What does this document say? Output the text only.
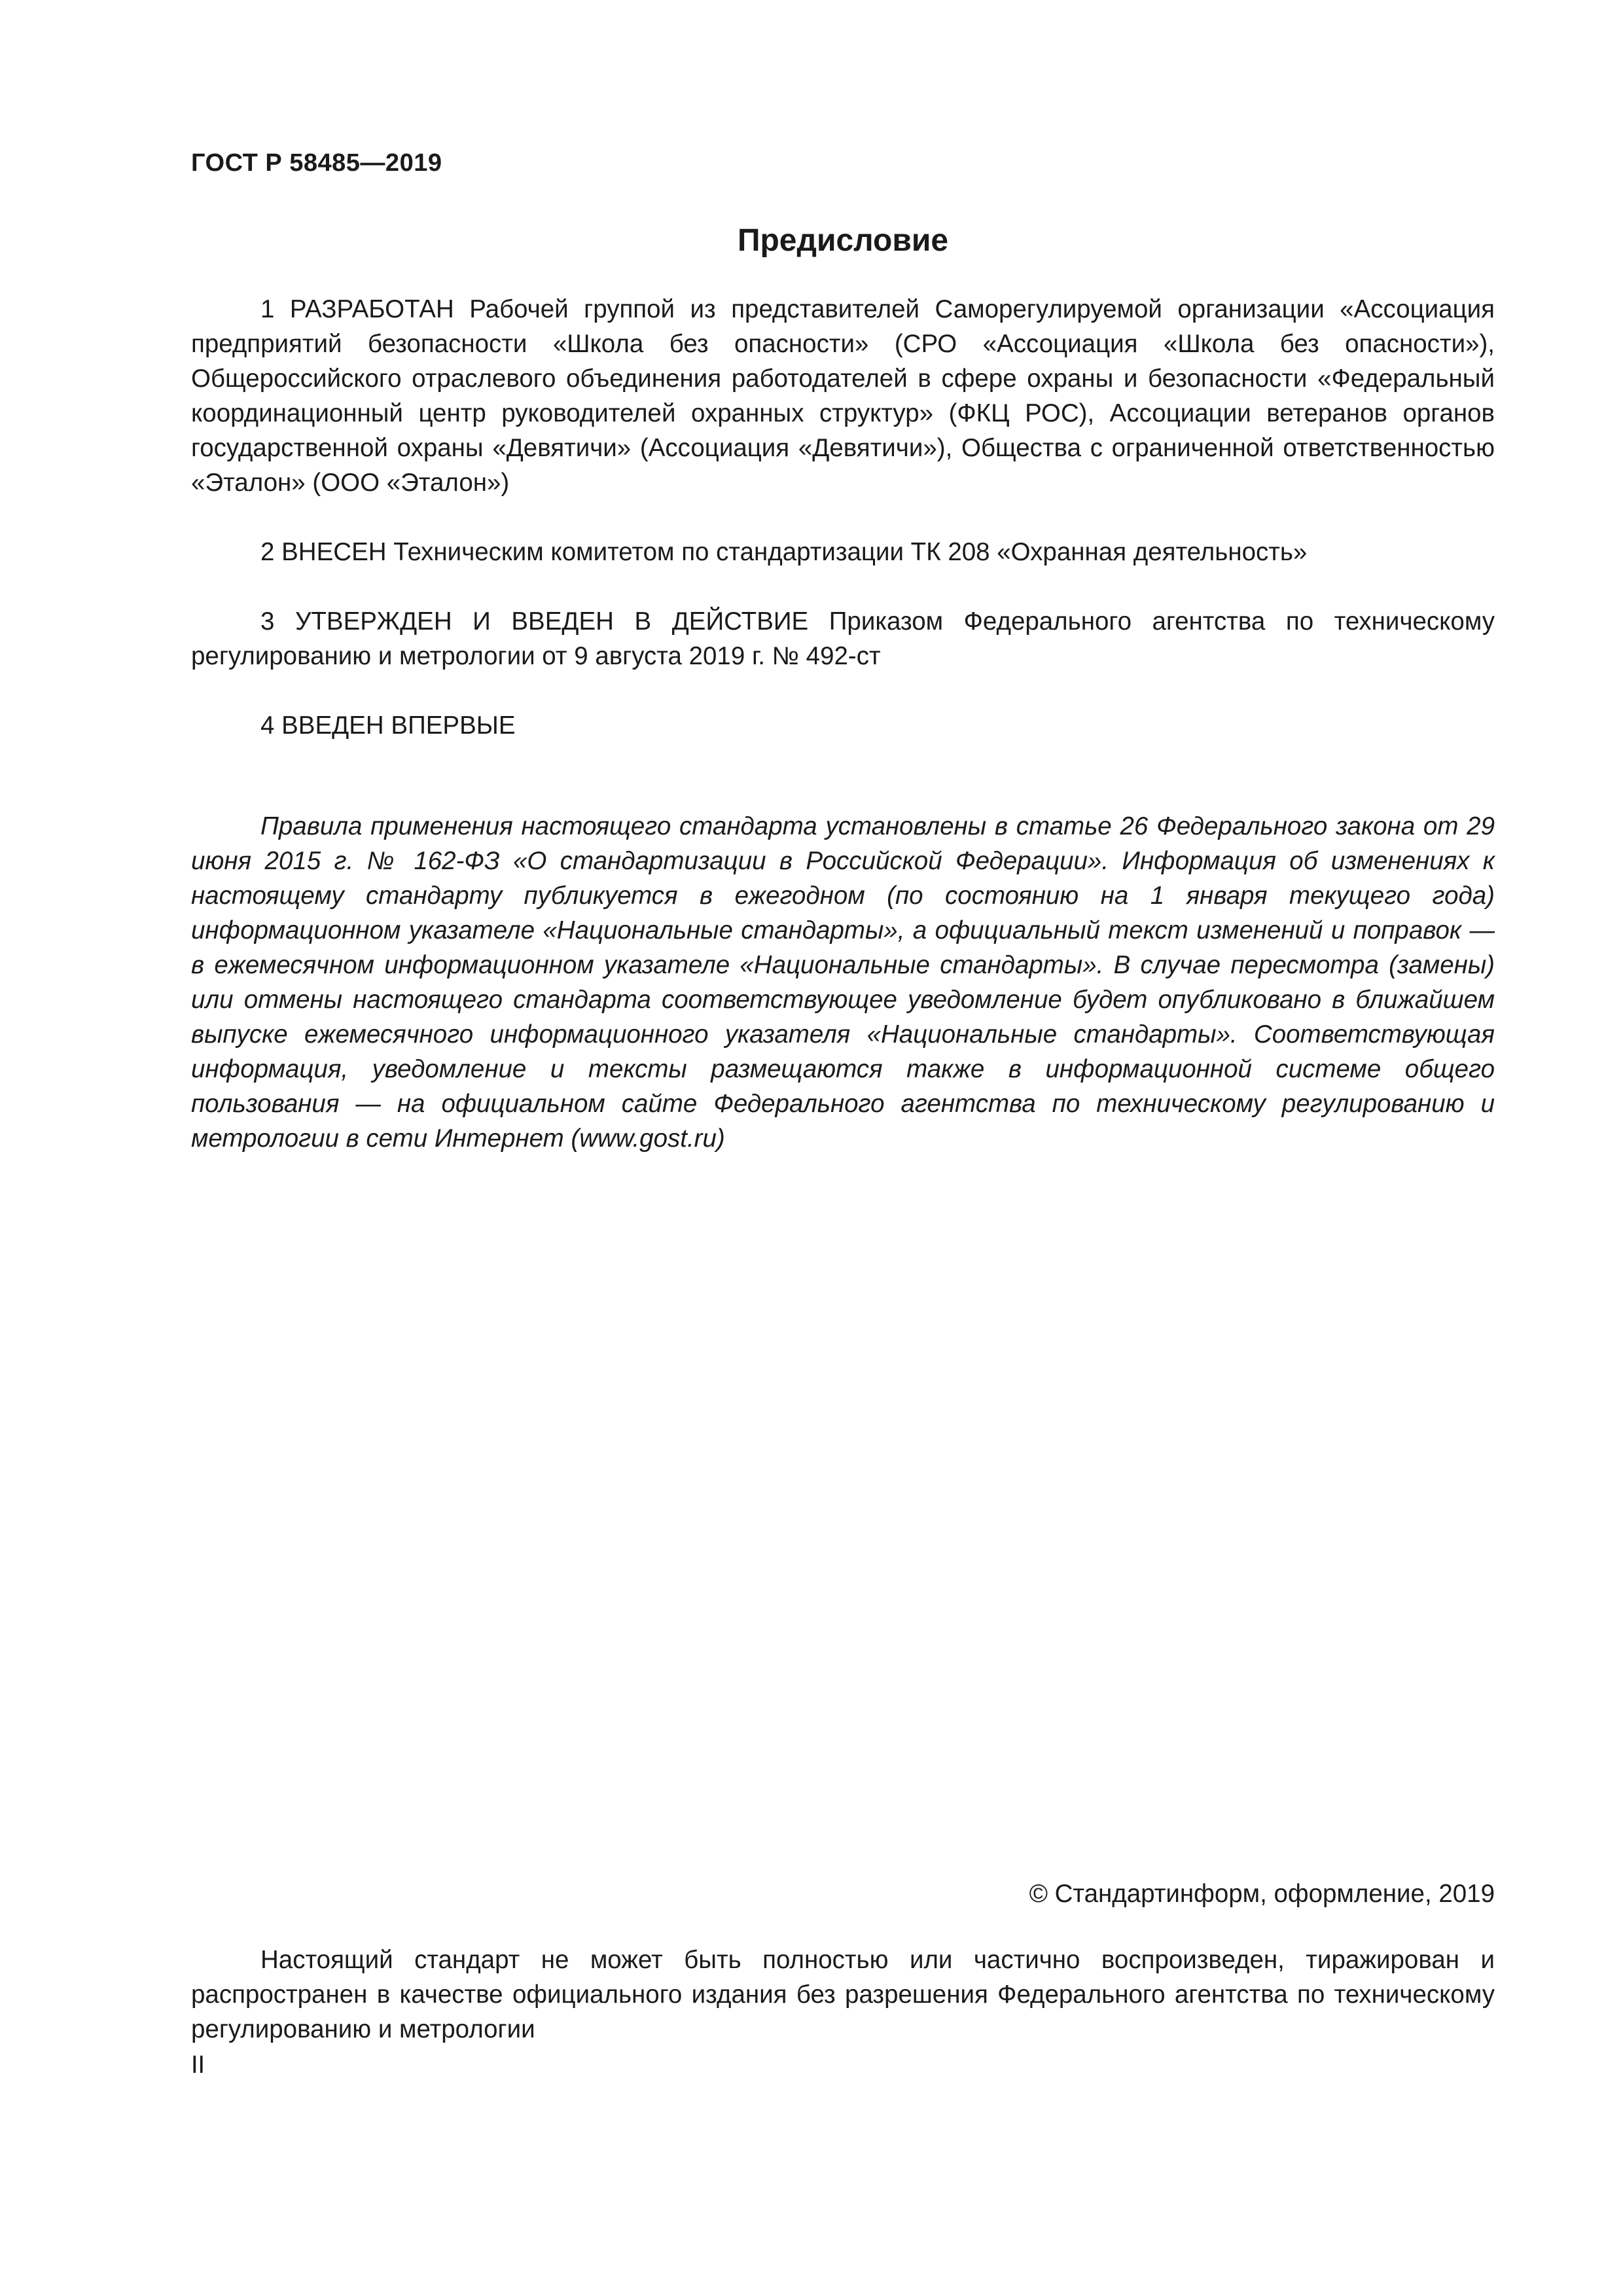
ГОСТ Р 58485—2019
Предисловие

1 РАЗРАБОТАН Рабочей группой из представителей Саморегулируемой организации «Ассоциация предприятий безопасности «Школа без опасности» (СРО «Ассоциация «Школа без опасности»), Общероссийского отраслевого объединения работодателей в сфере охраны и безопасности «Федеральный координационный центр руководителей охранных структур» (ФКЦ РОС), Ассоциации ветеранов органов государственной охраны «Девятичи» (Ассоциация «Девятичи»), Общества с ограниченной ответственностью «Эталон» (ООО «Эталон»)

2 ВНЕСЕН Техническим комитетом по стандартизации ТК 208 «Охранная деятельность»

3 УТВЕРЖДЕН И ВВЕДЕН В ДЕЙСТВИЕ Приказом Федерального агентства по техническому регулированию и метрологии от 9 августа 2019 г. № 492-ст

4 ВВЕДЕН ВПЕРВЫЕ

Правила применения настоящего стандарта установлены в статье 26 Федерального закона от 29 июня 2015 г. № 162-ФЗ «О стандартизации в Российской Федерации». Информация об изменениях к настоящему стандарту публикуется в ежегодном (по состоянию на 1 января текущего года) информационном указателе «Национальные стандарты», а официальный текст изменений и поправок — в ежемесячном информационном указателе «Национальные стандарты». В случае пересмотра (замены) или отмены настоящего стандарта соответствующее уведомление будет опубликовано в ближайшем выпуске ежемесячного информационного указателя «Национальные стандарты». Соответствующая информация, уведомление и тексты размещаются также в информационной системе общего пользования — на официальном сайте Федерального агентства по техническому регулированию и метрологии в сети Интернет (www.gost.ru)

© Стандартинформ, оформление, 2019

Настоящий стандарт не может быть полностью или частично воспроизведен, тиражирован и распространен в качестве официального издания без разрешения Федерального агентства по техническому регулированию и метрологии

II
